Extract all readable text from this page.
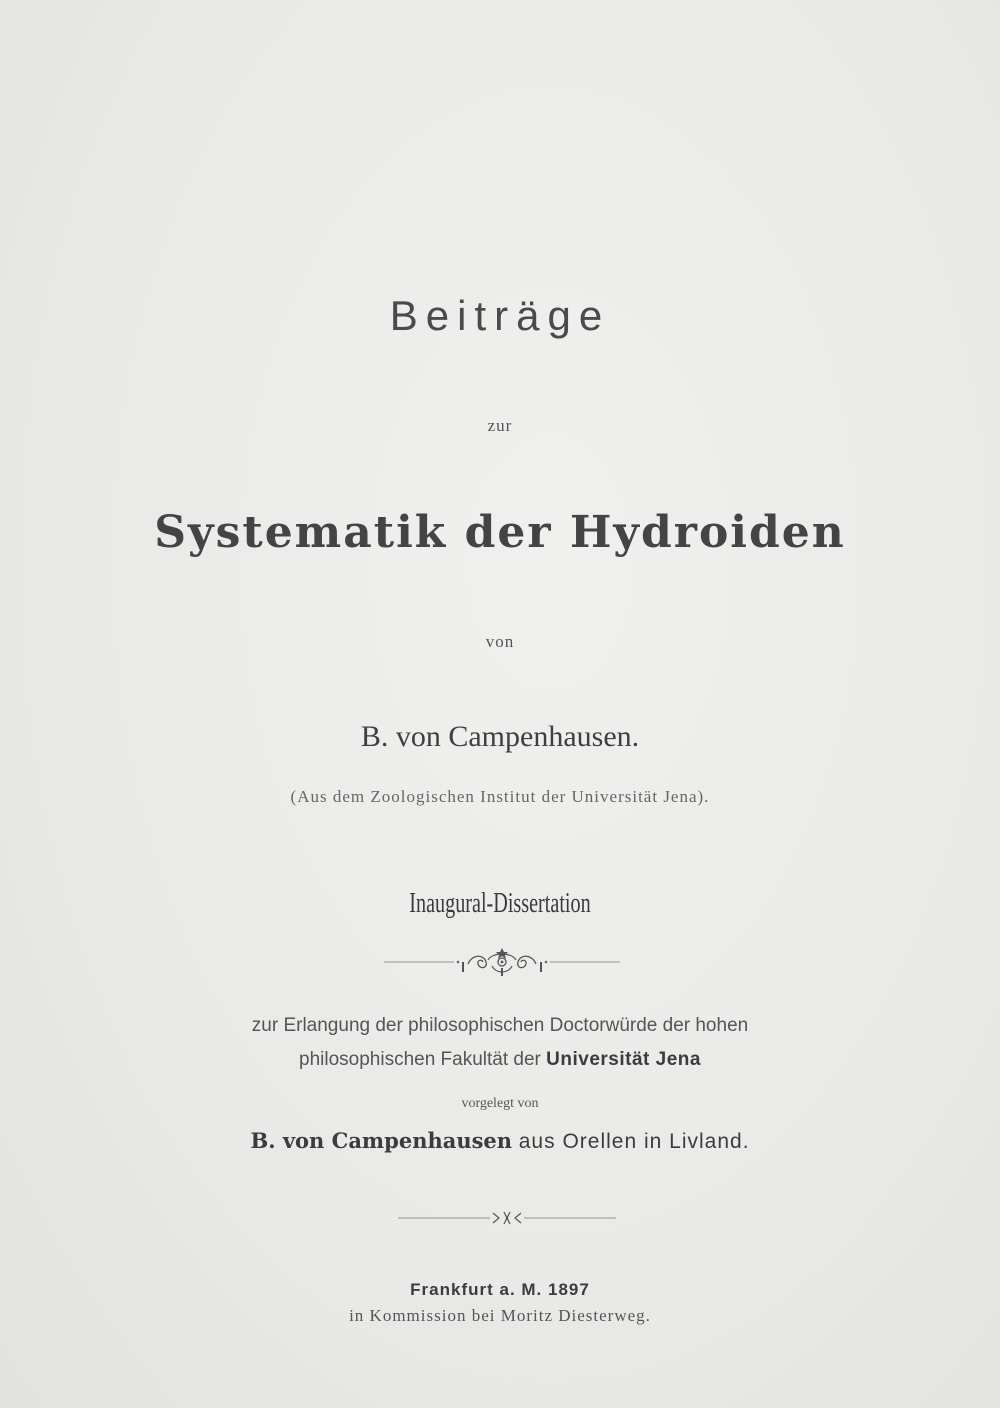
Beiträge
zur
Systematik der Hydroiden
von
B. von Campenhausen.
(Aus dem Zoologischen Institut der Universität Jena).
Inaugural-Dissertation
zur Erlangung der philosophischen Doctorwürde der hohen
philosophischen Fakultät der Universität Jena
vorgelegt von
B. von Campenhausen aus Orellen in Livland.
Frankfurt a. M. 1897
in Kommission bei Moritz Diesterweg.
